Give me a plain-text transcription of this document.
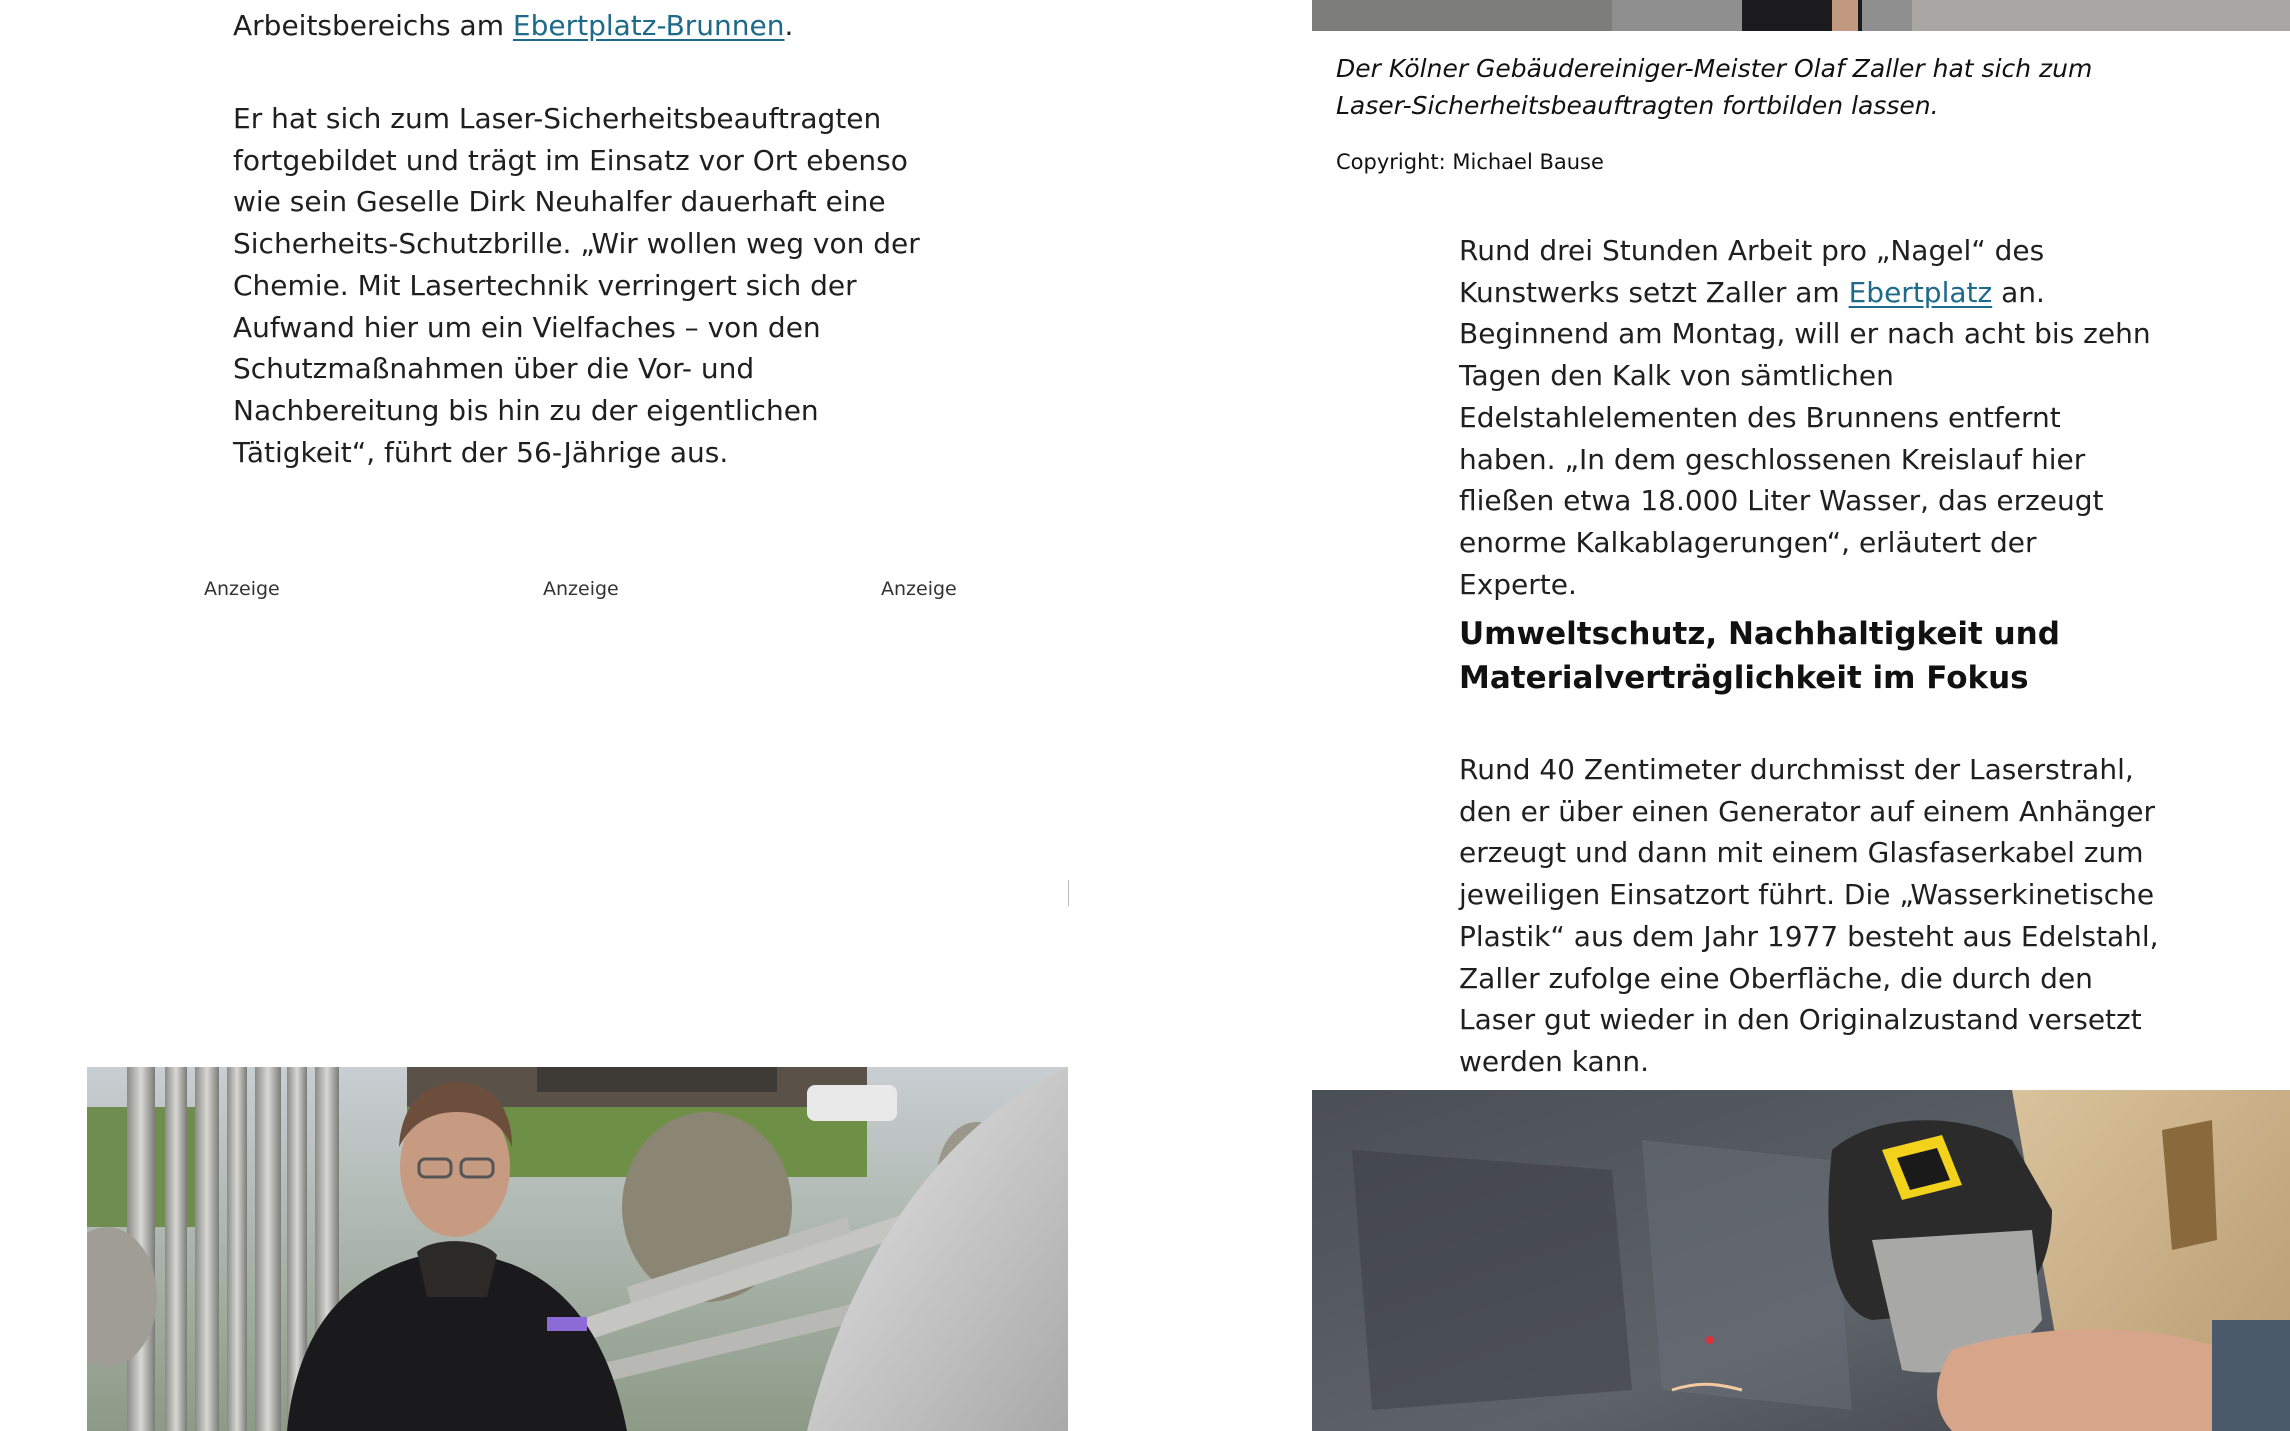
Arbeitsbereichs am Ebertplatz-Brunnen.

Er hat sich zum Laser-Sicherheitsbeauftragten fortgebildet und trägt im Einsatz vor Ort ebenso wie sein Geselle Dirk Neuhalfer dauerhaft eine Sicherheits-Schutzbrille. „Wir wollen weg von der Chemie. Mit Lasertechnik verringert sich der Aufwand hier um ein Vielfaches – von den Schutzmaßnahmen über die Vor- und Nachbereitung bis hin zu der eigentlichen Tätigkeit“, führt der 56-Jährige aus.

Anzeige	Anzeige	Anzeige

Der Kölner Gebäudereiniger-Meister Olaf Zaller hat sich zum Laser-Sicherheitsbeauftragten fortbilden lassen.

Copyright: Michael Bause

Rund drei Stunden Arbeit pro „Nagel“ des Kunstwerks setzt Zaller am Ebertplatz an. Beginnend am Montag, will er nach acht bis zehn Tagen den Kalk von sämtlichen Edelstahlelementen des Brunnens entfernt haben. „In dem geschlossenen Kreislauf hier fließen etwa 18.000 Liter Wasser, das erzeugt enorme Kalkablagerungen“, erläutert der Experte.

Umweltschutz, Nachhaltigkeit und Materialverträglichkeit im Fokus

Rund 40 Zentimeter durchmisst der Laserstrahl, den er über einen Generator auf einem Anhänger erzeugt und dann mit einem Glasfaserkabel zum jeweiligen Einsatzort führt. Die „Wasserkinetische Plastik“ aus dem Jahr 1977 besteht aus Edelstahl, Zaller zufolge eine Oberfläche, die durch den Laser gut wieder in den Originalzustand versetzt werden kann.
